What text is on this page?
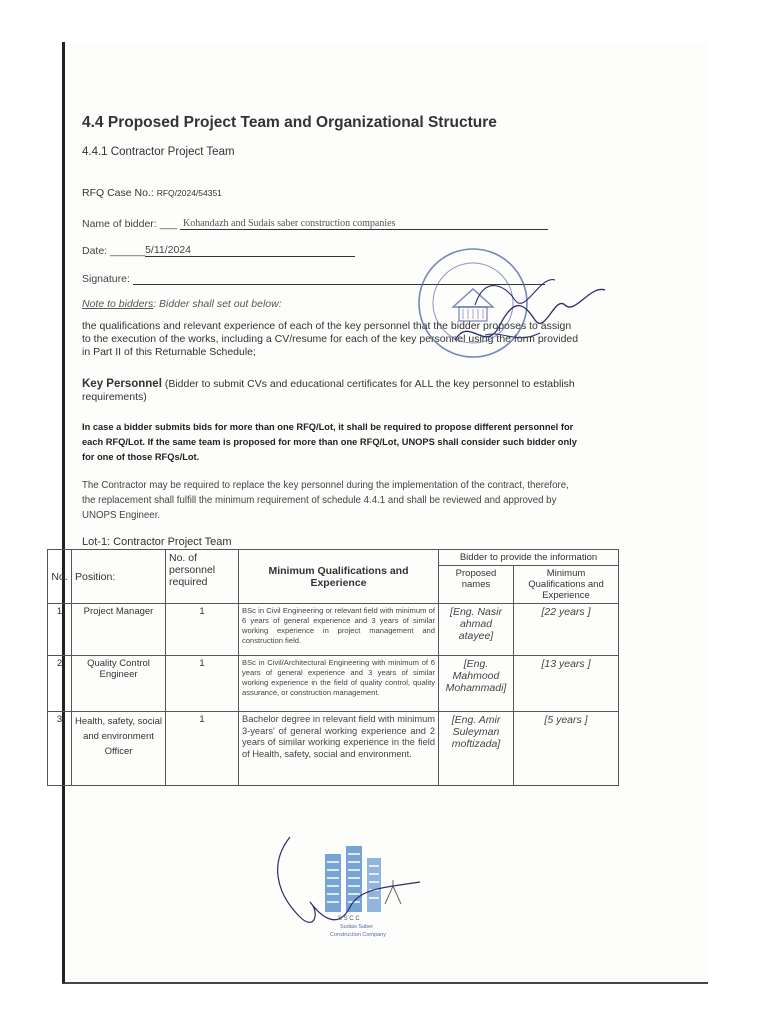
4.4 Proposed Project Team and Organizational Structure
4.4.1 Contractor Project Team
RFQ Case No.: RFQ/2024/54351
Name of bidder: ___ Kohandazh and Sudais saber construction companies
Date: ______5/11/2024
Signature:
Note to bidders: Bidder shall set out below:
the qualifications and relevant experience of each of the key personnel that the bidder proposes to assign to the execution of the works, including a CV/resume for each of the key personnel using the form provided in Part II of this Returnable Schedule;
Key Personnel (Bidder to submit CVs and educational certificates for ALL the key personnel to establish requirements)
In case a bidder submits bids for more than one RFQ/Lot, it shall be required to propose different personnel for each RFQ/Lot. If the same team is proposed for more than one RFQ/Lot, UNOPS shall consider such bidder only for one of those RFQs/Lot.
The Contractor may be required to replace the key personnel during the implementation of the contract, therefore, the replacement shall fulfill the minimum requirement of schedule 4.4.1 and shall be reviewed and approved by UNOPS Engineer.
Lot-1: Contractor Project Team
No.	Position:	No. of personnel required	Minimum Qualifications and Experience	Bidder to provide the information	
				Proposed names	Minimum Qualifications and Experience
1	Project Manager	1	BSc in Civil Engineering or relevant field with minimum of 6 years of general experience and 3 years of similar working experience in project management and construction field.	[Eng. Nasir ahmad atayee]	[22 years ]
2	Quality Control Engineer	1	BSc in Civil/Architectural Engineering with minimum of 6 years of general experience and 3 years of similar working experience in the field of quality control, quality assurance, or construction management.	[Eng. Mahmood Mohammadi]	[13 years ]
3	Health, safety, social and environment Officer	1	Bachelor degree in relevant field with minimum 3-years' of general working experience and 2 years of similar working experience in the field of Health, safety, social and environment.	[Eng. Amir Suleyman moftizada]	[5 years ]
S S C C
Sudais Saber
Construction Company
